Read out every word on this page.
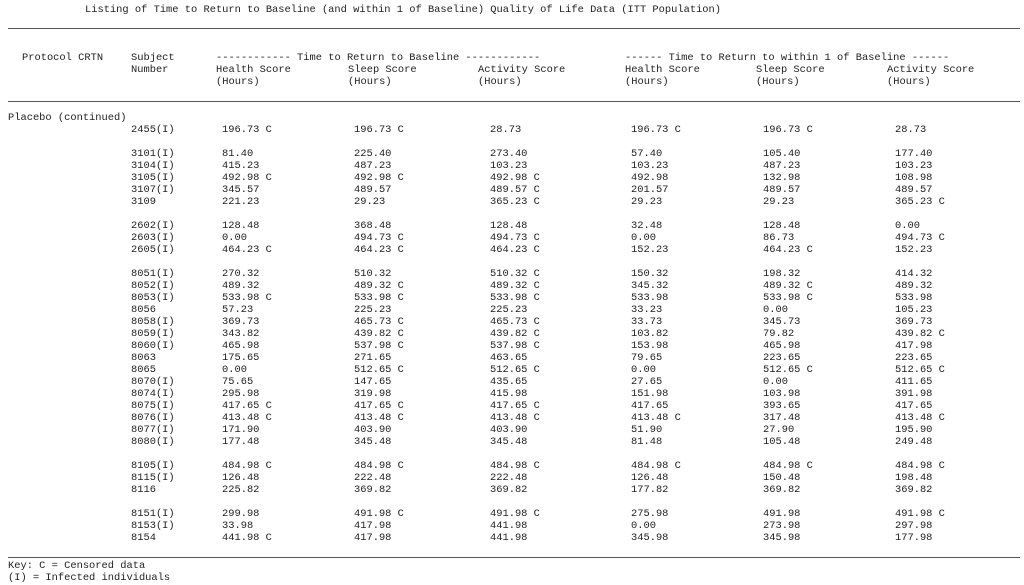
Listing of Time to Return to Baseline (and within 1 of Baseline) Quality of Life Data (ITT Population)
Protocol CRTN	Subject
Number
------------ Time to Return to Baseline ------------	------ Time to Return to within 1 of Baseline ------
Health Score	Sleep Score	Activity Score	Health Score	Sleep Score	Activity Score
(Hours)	(Hours)	(Hours)	(Hours)	(Hours)	(Hours)
Placebo (continued)
2455(I)	196.73 C	196.73 C	28.73	196.73 C	196.73 C	28.73
3101(I)	81.40	225.40	273.40	57.40	105.40	177.40
3104(I)	415.23	487.23	103.23	103.23	487.23	103.23
3105(I)	492.98 C	492.98 C	492.98 C	492.98	132.98	108.98
3107(I)	345.57	489.57	489.57 C	201.57	489.57	489.57
3109	221.23	29.23	365.23 C	29.23	29.23	365.23 C
2602(I)	128.48	368.48	128.48	32.48	128.48	0.00
2603(I)	0.00	494.73 C	494.73 C	0.00	86.73	494.73 C
2605(I)	464.23 C	464.23 C	464.23 C	152.23	464.23 C	152.23
8051(I)	270.32	510.32	510.32 C	150.32	198.32	414.32
8052(I)	489.32	489.32 C	489.32 C	345.32	489.32 C	489.32
8053(I)	533.98 C	533.98 C	533.98 C	533.98	533.98 C	533.98
8056	57.23	225.23	225.23	33.23	0.00	105.23
8058(I)	369.73	465.73 C	465.73 C	33.73	345.73	369.73
8059(I)	343.82	439.82 C	439.82 C	103.82	79.82	439.82 C
8060(I)	465.98	537.98 C	537.98 C	153.98	465.98	417.98
8063	175.65	271.65	463.65	79.65	223.65	223.65
8065	0.00	512.65 C	512.65 C	0.00	512.65 C	512.65 C
8070(I)	75.65	147.65	435.65	27.65	0.00	411.65
8074(I)	295.98	319.98	415.98	151.98	103.98	391.98
8075(I)	417.65 C	417.65 C	417.65 C	417.65	393.65	417.65
8076(I)	413.48 C	413.48 C	413.48 C	413.48 C	317.48	413.48 C
8077(I)	171.90	403.90	403.90	51.90	27.90	195.90
8080(I)	177.48	345.48	345.48	81.48	105.48	249.48
8105(I)	484.98 C	484.98 C	484.98 C	484.98 C	484.98 C	484.98 C
8115(I)	126.48	222.48	222.48	126.48	150.48	198.48
8116	225.82	369.82	369.82	177.82	369.82	369.82
8151(I)	299.98	491.98 C	491.98 C	275.98	491.98	491.98 C
8153(I)	33.98	417.98	441.98	0.00	273.98	297.98
8154	441.98 C	417.98	441.98	345.98	345.98	177.98
Key: C = Censored data
(I) = Infected individuals
